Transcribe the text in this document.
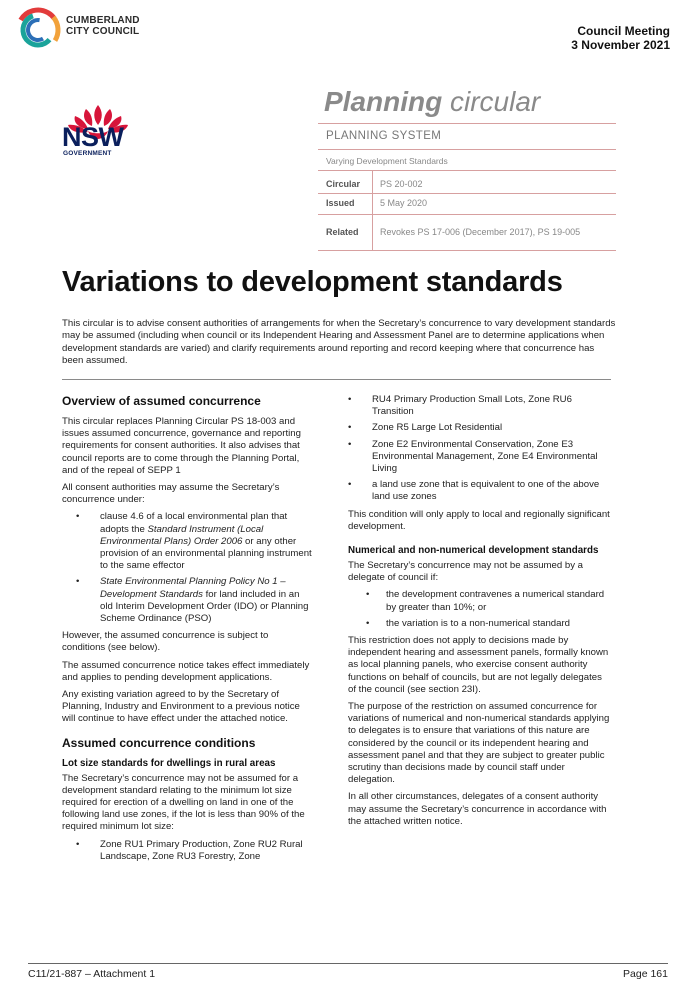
CUMBERLAND
CITY COUNCIL	Council Meeting
3 November 2021
NSW
GOVERNMENT
Planning circular
PLANNING SYSTEM
Varying Development Standards
Circular PS 20-002
Issued	5 May 2020
Related Revokes PS 17-006 (December 2017), PS 19-005
Variations to development standards
This circular is to advise consent authorities of arrangements for when the Secretary’s concurrence to vary development standards may be assumed (including when council or its Independent Hearing and Assessment Panel are to determine applications when development standards are varied) and clarify requirements around reporting and record keeping where that concurrence has been assumed.
Overview of assumed concurrence

This circular replaces Planning Circular PS 18-003 and issues assumed concurrence, governance and reporting requirements for consent authorities. It also advises that council reports are to come through the Planning Portal, and of the repeal of SEPP 1

All consent authorities may assume the Secretary’s concurrence under:

• clause 4.6 of a local environmental plan that adopts the Standard Instrument (Local Environmental Plans) Order 2006 or any other provision of an environmental planning instrument to the same effector
• State Environmental Planning Policy No 1 – Development Standards for land included in an old Interim Development Order (IDO) or Planning Scheme Ordinance (PSO)

However, the assumed concurrence is subject to conditions (see below).

The assumed concurrence notice takes effect immediately and applies to pending development applications.

Any existing variation agreed to by the Secretary of Planning, Industry and Environment to a previous notice will continue to have effect under the attached notice.

Assumed concurrence conditions
Lot size standards for dwellings in rural areas

The Secretary’s concurrence may not be assumed for a development standard relating to the minimum lot size required for erection of a dwelling on land in one of the following land use zones, if the lot is less than 90% of the required minimum lot size:

• Zone RU1 Primary Production, Zone RU2 Rural Landscape, Zone RU3 Forestry, Zone
• RU4 Primary Production Small Lots, Zone RU6 Transition
• Zone R5 Large Lot Residential
• Zone E2 Environmental Conservation, Zone E3 Environmental Management, Zone E4 Environmental Living
• a land use zone that is equivalent to one of the above land use zones

This condition will only apply to local and regionally significant development.

Numerical and non-numerical development standards

The Secretary’s concurrence may not be assumed by a delegate of council if:

• the development contravenes a numerical standard by greater than 10%; or
• the variation is to a non-numerical standard

This restriction does not apply to decisions made by independent hearing and assessment panels, formally known as local planning panels, who exercise consent authority functions on behalf of councils, but are not legally delegates of the council (see section 23I).

The purpose of the restriction on assumed concurrence for variations of numerical and non-numerical standards applying to delegates is to ensure that variations of this nature are considered by the council or its independent hearing and assessment panel and that they are subject to greater public scrutiny than decisions made by council staff under delegation.

In all other circumstances, delegates of a consent authority may assume the Secretary’s concurrence in accordance with the attached written notice.

C11/21-887 – Attachment 1	Page 161
